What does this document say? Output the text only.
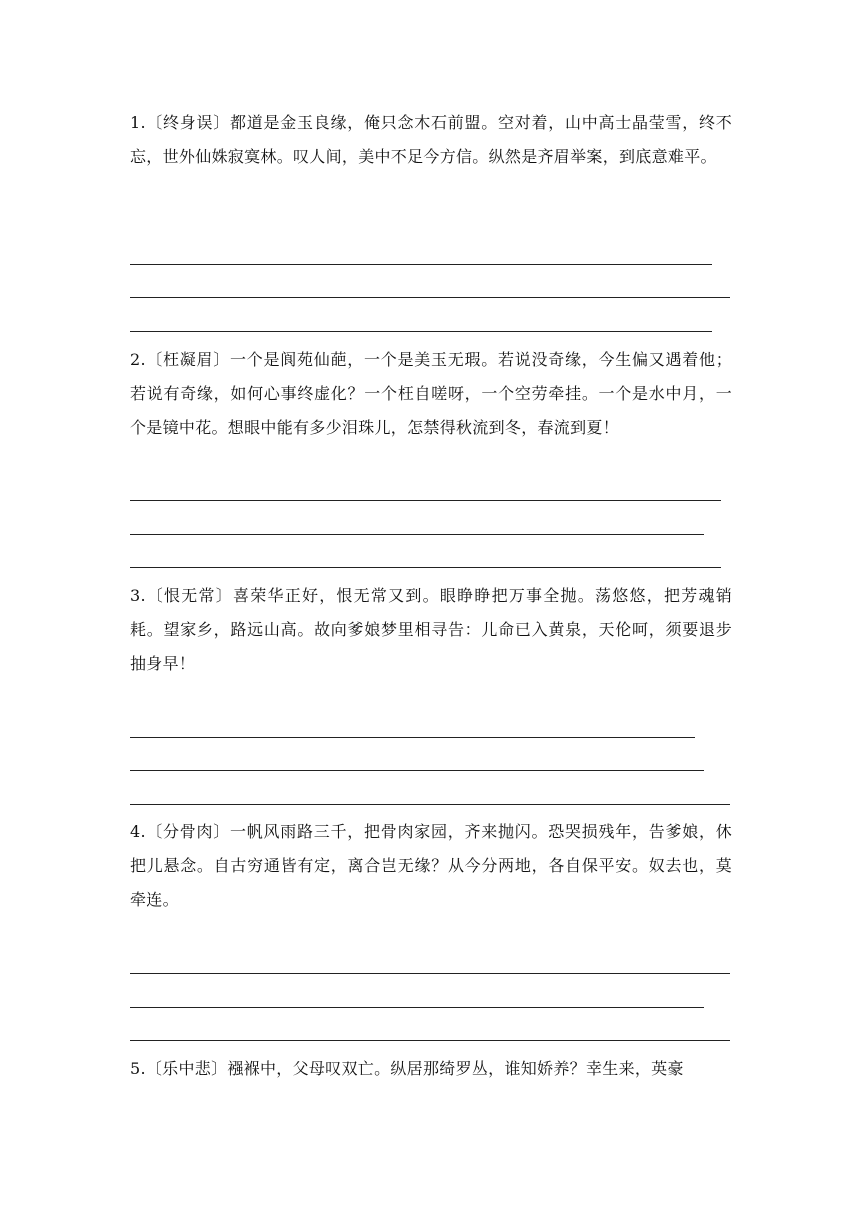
1.〔终身误〕都道是金玉良缘，俺只念木石前盟。空对着，山中高士晶莹雪，终不忘，世外仙姝寂寞林。叹人间，美中不足今方信。纵然是齐眉举案，到底意难平。

2.〔枉凝眉〕一个是阆苑仙葩，一个是美玉无瑕。若说没奇缘，今生偏又遇着他；若说有奇缘，如何心事终虚化？一个枉自嗟呀，一个空劳牵挂。一个是水中月，一个是镜中花。想眼中能有多少泪珠儿，怎禁得秋流到冬，春流到夏！

3.〔恨无常〕喜荣华正好，恨无常又到。眼睁睁把万事全抛。荡悠悠，把芳魂销耗。望家乡，路远山高。故向爹娘梦里相寻告：儿命已入黄泉，天伦呵，须要退步抽身早！

4.〔分骨肉〕一帆风雨路三千，把骨肉家园，齐来抛闪。恐哭损残年，告爹娘，休把儿悬念。自古穷通皆有定，离合岂无缘？从今分两地，各自保平安。奴去也，莫牵连。

5.〔乐中悲〕襁褓中，父母叹双亡。纵居那绮罗丛，谁知娇养？幸生来，英豪
